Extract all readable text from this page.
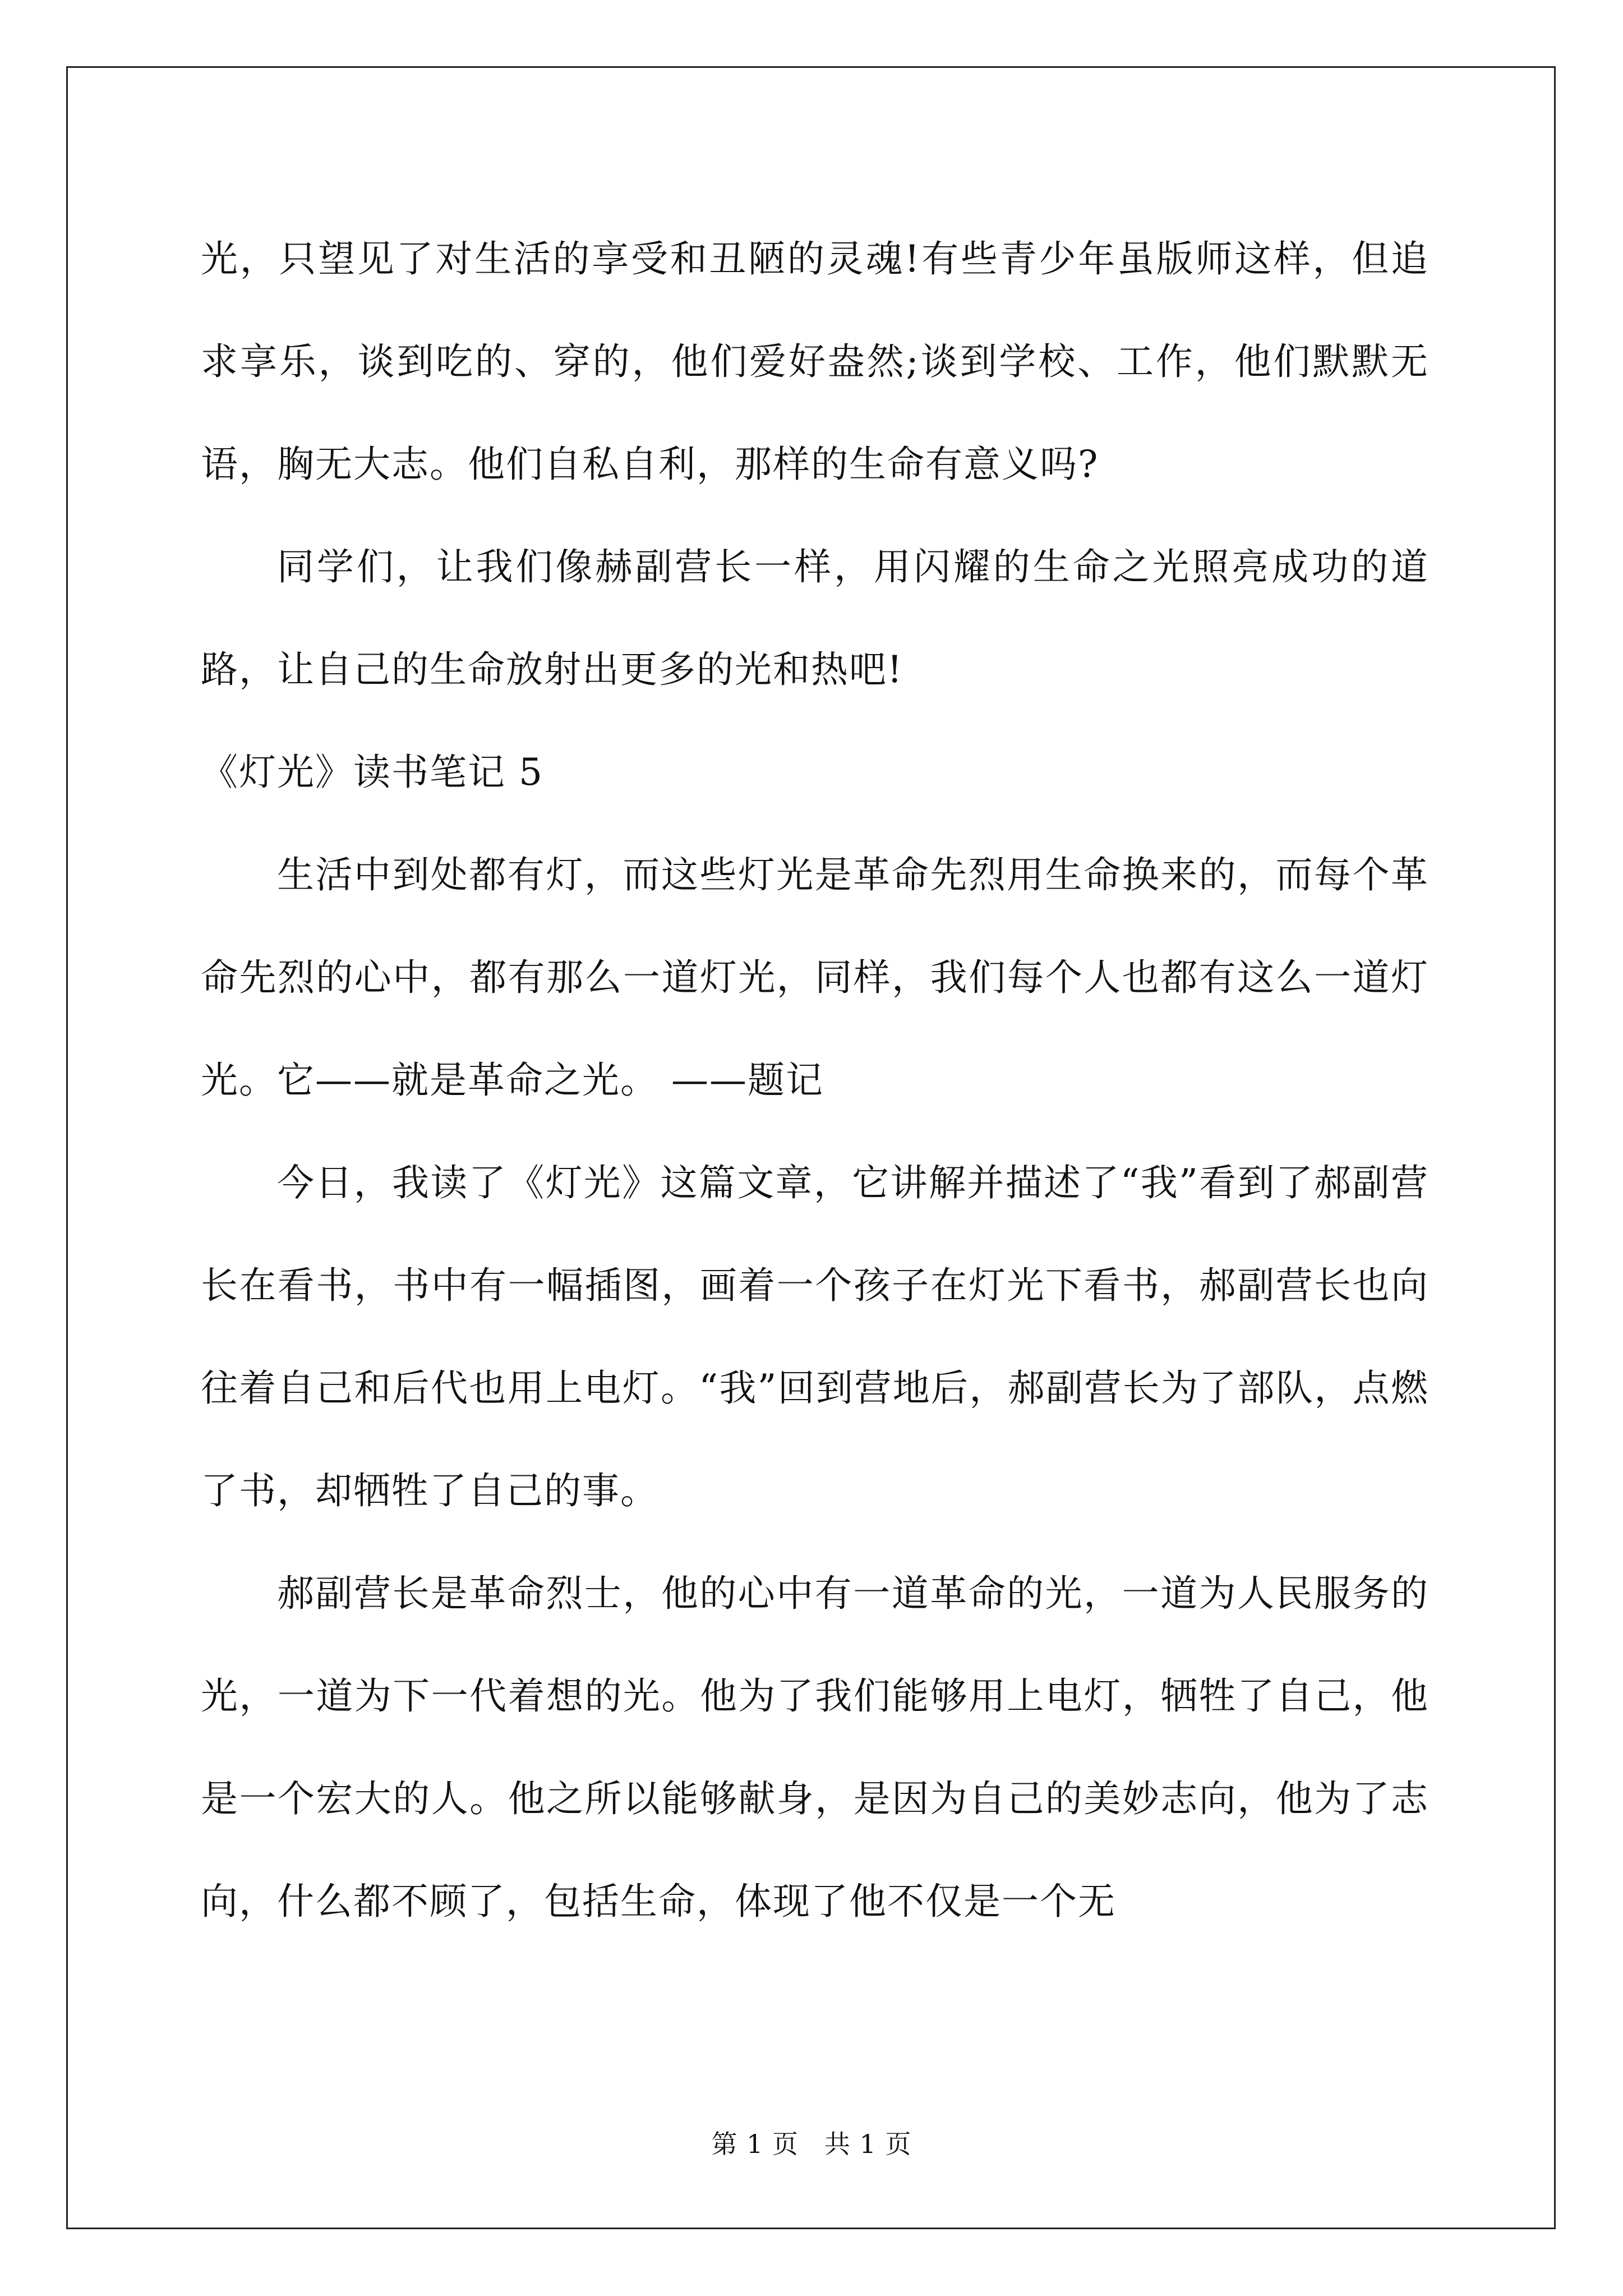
光，只望见了对生活的享受和丑陋的灵魂!有些青少年虽版师这样，但追求享乐，谈到吃的、穿的，他们爱好盎然;谈到学校、工作，他们默默无语，胸无大志。他们自私自利，那样的生命有意义吗?

同学们，让我们像赫副营长一样，用闪耀的生命之光照亮成功的道路，让自己的生命放射出更多的光和热吧!

《灯光》读书笔记 5

生活中到处都有灯，而这些灯光是革命先烈用生命换来的，而每个革命先烈的心中，都有那么一道灯光，同样，我们每个人也都有这么一道灯光。它——就是革命之光。 ——题记

今日，我读了《灯光》这篇文章，它讲解并描述了“我”看到了郝副营长在看书，书中有一幅插图，画着一个孩子在灯光下看书，郝副营长也向往着自己和后代也用上电灯。“我”回到营地后，郝副营长为了部队，点燃了书，却牺牲了自己的事。

郝副营长是革命烈士，他的心中有一道革命的光，一道为人民服务的光，一道为下一代着想的光。他为了我们能够用上电灯，牺牲了自己，他是一个宏大的人。他之所以能够献身，是因为自己的美妙志向，他为了志向，什么都不顾了，包括生命，体现了他不仅是一个无

第 1 页 共 1 页
